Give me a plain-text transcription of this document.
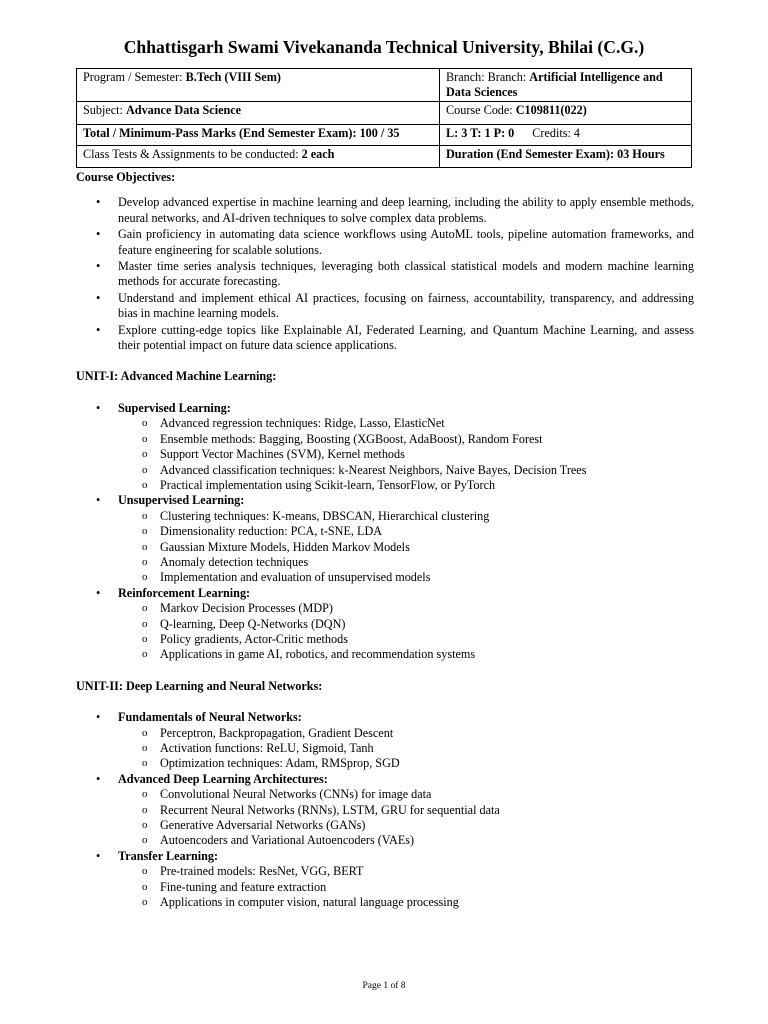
Chhattisgarh Swami Vivekananda Technical University, Bhilai (C.G.)
Program / Semester: B.Tech (VIII Sem)	Branch: Branch: Artificial Intelligence and Data Sciences
Subject: Advance Data Science	Course Code: C109811(022)
Total / Minimum-Pass Marks (End Semester Exam): 100 / 35	L: 3 T: 1 P: 0 Credits: 4
Class Tests & Assignments to be conducted: 2 each	Duration (End Semester Exam): 03 Hours
Course Objectives:
• Develop advanced expertise in machine learning and deep learning, including the ability to apply ensemble methods, neural networks, and AI-driven techniques to solve complex data problems.
• Gain proficiency in automating data science workflows using AutoML tools, pipeline automation frameworks, and feature engineering for scalable solutions.
• Master time series analysis techniques, leveraging both classical statistical models and modern machine learning methods for accurate forecasting.
• Understand and implement ethical AI practices, focusing on fairness, accountability, transparency, and addressing bias in machine learning models.
• Explore cutting-edge topics like Explainable AI, Federated Learning, and Quantum Machine Learning, and assess their potential impact on future data science applications.
UNIT-I: Advanced Machine Learning:
• Supervised Learning:
o Advanced regression techniques: Ridge, Lasso, ElasticNet
o Ensemble methods: Bagging, Boosting (XGBoost, AdaBoost), Random Forest
o Support Vector Machines (SVM), Kernel methods
o Advanced classification techniques: k-Nearest Neighbors, Naive Bayes, Decision Trees
o Practical implementation using Scikit-learn, TensorFlow, or PyTorch
• Unsupervised Learning:
o Clustering techniques: K-means, DBSCAN, Hierarchical clustering
o Dimensionality reduction: PCA, t-SNE, LDA
o Gaussian Mixture Models, Hidden Markov Models
o Anomaly detection techniques
o Implementation and evaluation of unsupervised models
• Reinforcement Learning:
o Markov Decision Processes (MDP)
o Q-learning, Deep Q-Networks (DQN)
o Policy gradients, Actor-Critic methods
o Applications in game AI, robotics, and recommendation systems
UNIT-II: Deep Learning and Neural Networks:
• Fundamentals of Neural Networks:
o Perceptron, Backpropagation, Gradient Descent
o Activation functions: ReLU, Sigmoid, Tanh
o Optimization techniques: Adam, RMSprop, SGD
• Advanced Deep Learning Architectures:
o Convolutional Neural Networks (CNNs) for image data
o Recurrent Neural Networks (RNNs), LSTM, GRU for sequential data
o Generative Adversarial Networks (GANs)
o Autoencoders and Variational Autoencoders (VAEs)
• Transfer Learning:
o Pre-trained models: ResNet, VGG, BERT
o Fine-tuning and feature extraction
o Applications in computer vision, natural language processing
Page 1 of 8
